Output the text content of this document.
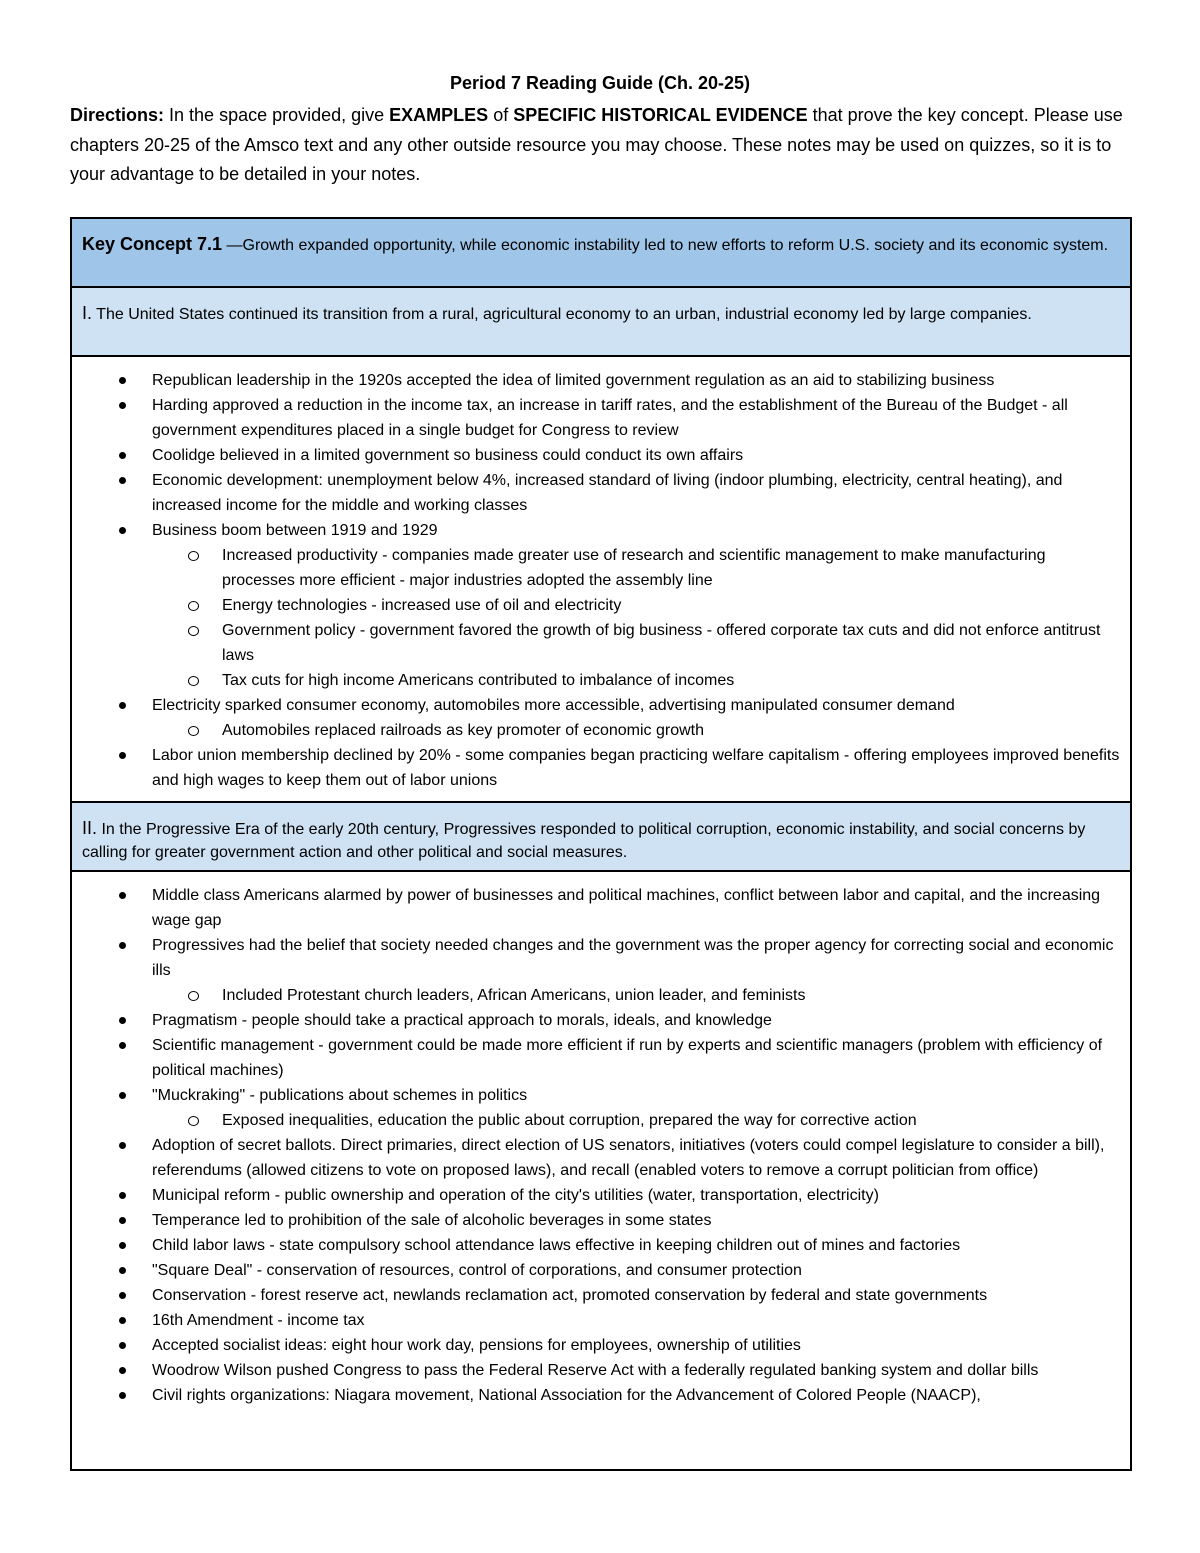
Period 7 Reading Guide (Ch. 20-25)
Directions: In the space provided, give EXAMPLES of SPECIFIC HISTORICAL EVIDENCE that prove the key concept. Please use chapters 20-25 of the Amsco text and any other outside resource you may choose. These notes may be used on quizzes, so it is to your advantage to be detailed in your notes.
Key Concept 7.1 —Growth expanded opportunity, while economic instability led to new efforts to reform U.S. society and its economic system.
I. The United States continued its transition from a rural, agricultural economy to an urban, industrial economy led by large companies.
Republican leadership in the 1920s accepted the idea of limited government regulation as an aid to stabilizing business
Harding approved a reduction in the income tax, an increase in tariff rates, and the establishment of the Bureau of the Budget - all government expenditures placed in a single budget for Congress to review
Coolidge believed in a limited government so business could conduct its own affairs
Economic development: unemployment below 4%, increased standard of living (indoor plumbing, electricity, central heating), and increased income for the middle and working classes
Business boom between 1919 and 1929
Increased productivity - companies made greater use of research and scientific management to make manufacturing processes more efficient - major industries adopted the assembly line
Energy technologies - increased use of oil and electricity
Government policy - government favored the growth of big business - offered corporate tax cuts and did not enforce antitrust laws
Tax cuts for high income Americans contributed to imbalance of incomes
Electricity sparked consumer economy, automobiles more accessible, advertising manipulated consumer demand
Automobiles replaced railroads as key promoter of economic growth
Labor union membership declined by 20% - some companies began practicing welfare capitalism - offering employees improved benefits and high wages to keep them out of labor unions
II. In the Progressive Era of the early 20th century, Progressives responded to political corruption, economic instability, and social concerns by calling for greater government action and other political and social measures.
Middle class Americans alarmed by power of businesses and political machines, conflict between labor and capital, and the increasing wage gap
Progressives had the belief that society needed changes and the government was the proper agency for correcting social and economic ills
Included Protestant church leaders, African Americans, union leader, and feminists
Pragmatism - people should take a practical approach to morals, ideals, and knowledge
Scientific management - government could be made more efficient if run by experts and scientific managers (problem with efficiency of political machines)
"Muckraking" - publications about schemes in politics
Exposed inequalities, education the public about corruption, prepared the way for corrective action
Adoption of secret ballots. Direct primaries, direct election of US senators, initiatives (voters could compel legislature to consider a bill), referendums (allowed citizens to vote on proposed laws), and recall (enabled voters to remove a corrupt politician from office)
Municipal reform - public ownership and operation of the city's utilities (water, transportation, electricity)
Temperance led to prohibition of the sale of alcoholic beverages in some states
Child labor laws - state compulsory school attendance laws effective in keeping children out of mines and factories
"Square Deal" - conservation of resources, control of corporations, and consumer protection
Conservation - forest reserve act, newlands reclamation act, promoted conservation by federal and state governments
16th Amendment - income tax
Accepted socialist ideas: eight hour work day, pensions for employees, ownership of utilities
Woodrow Wilson pushed Congress to pass the Federal Reserve Act with a federally regulated banking system and dollar bills
Civil rights organizations: Niagara movement, National Association for the Advancement of Colored People (NAACP),
